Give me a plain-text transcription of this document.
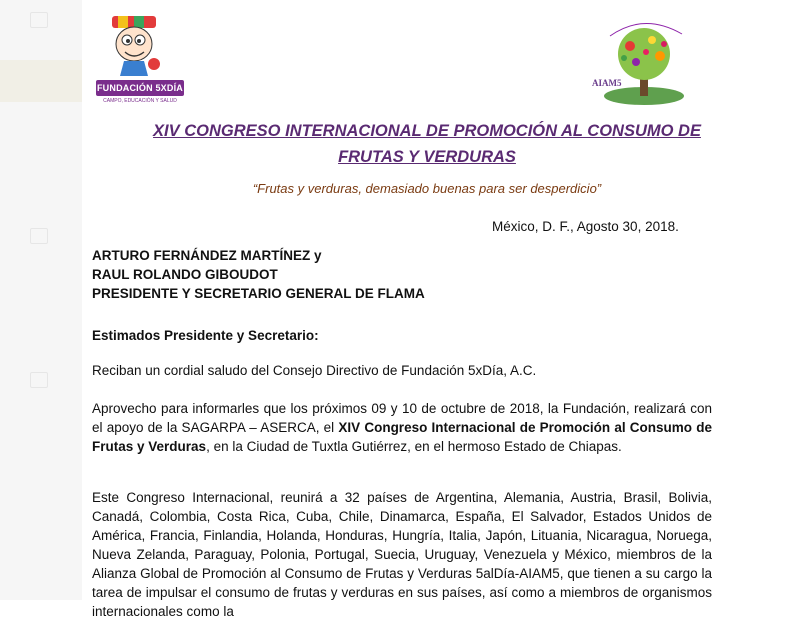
FUNDACIÓN 5XDÍA
CAMPO, EDUCACIÓN Y SALUD
AIAM5
XIV CONGRESO INTERNACIONAL DE PROMOCIÓN AL CONSUMO DE
FRUTAS Y VERDURAS
“Frutas y verduras, demasiado buenas para ser desperdicio”
México, D. F., Agosto 30, 2018.
ARTURO FERNÁNDEZ MARTÍNEZ y
RAUL ROLANDO GIBOUDOT
PRESIDENTE Y SECRETARIO GENERAL DE FLAMA
Estimados Presidente y Secretario:
Reciban un cordial saludo del Consejo Directivo de Fundación 5xDía, A.C.
Aprovecho para informarles que los próximos 09 y 10 de octubre de 2018, la Fundación, realizará con el apoyo de la SAGARPA – ASERCA, el XIV Congreso Internacional de Promoción al Consumo de Frutas y Verduras, en la Ciudad de Tuxtla Gutiérrez, en el hermoso Estado de Chiapas.
Este Congreso Internacional, reunirá a 32 países de Argentina, Alemania, Austria, Brasil, Bolivia, Canadá, Colombia, Costa Rica, Cuba, Chile, Dinamarca, España, El Salvador, Estados Unidos de América, Francia, Finlandia, Holanda, Honduras, Hungría, Italia, Japón, Lituania, Nicaragua, Noruega, Nueva Zelanda, Paraguay, Polonia, Portugal, Suecia, Uruguay, Venezuela y México, miembros de la Alianza Global de Promoción al Consumo de Frutas y Verduras 5alDía-AIAM5, que tienen a su cargo la tarea de impulsar el consumo de frutas y verduras en sus países, así como a miembros de organismos internacionales como la
